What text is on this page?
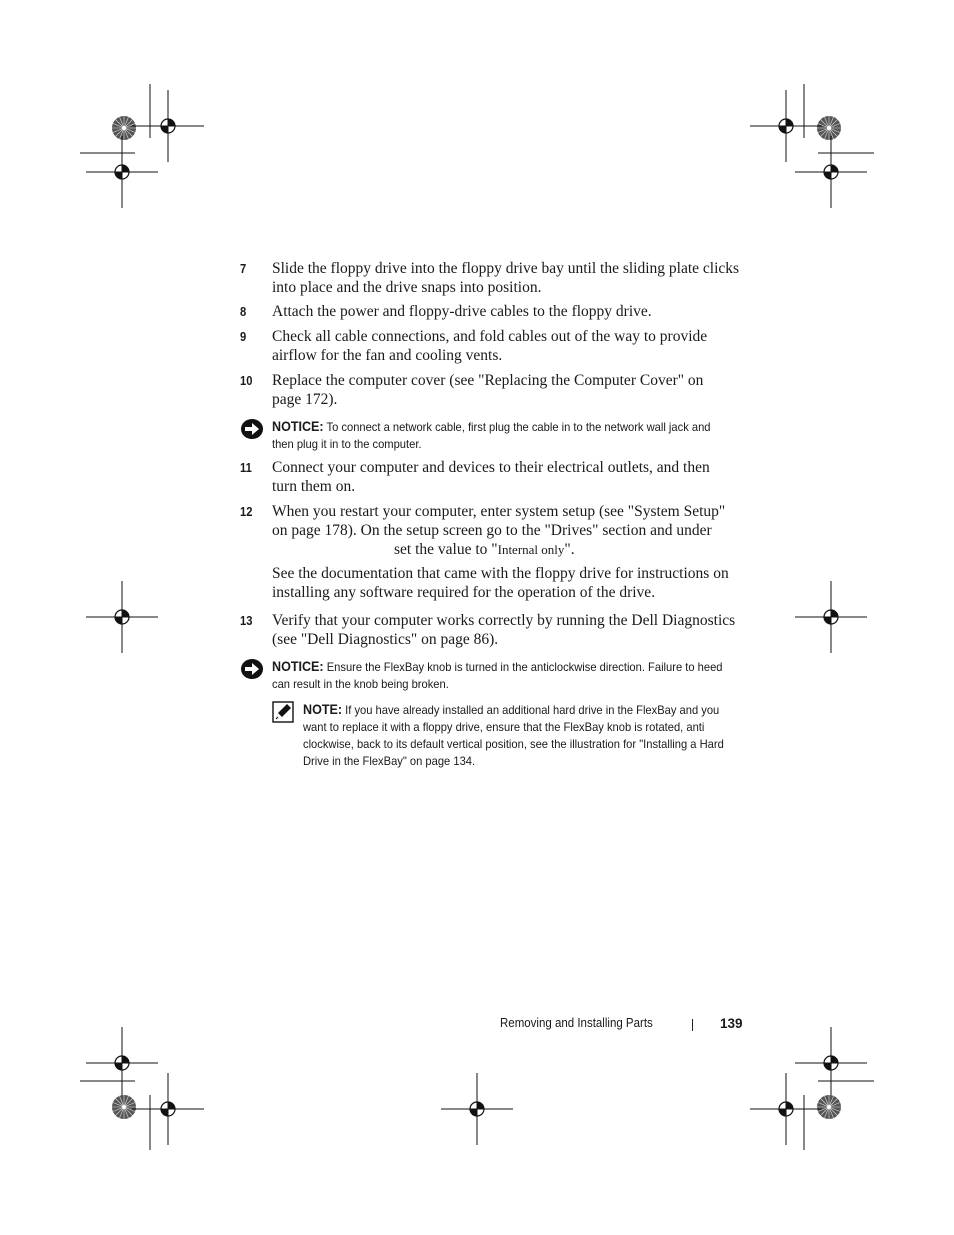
7	Slide the floppy drive into the floppy drive bay until the sliding plate clicks into place and the drive snaps into position.
8	Attach the power and floppy-drive cables to the floppy drive.
9	Check all cable connections, and fold cables out of the way to provide airflow for the fan and cooling vents.
10	Replace the computer cover (see "Replacing the Computer Cover" on page 172).
NOTICE: To connect a network cable, first plug the cable in to the network wall jack and then plug it in to the computer.
11	Connect your computer and devices to their electrical outlets, and then turn them on.
12	When you restart your computer, enter system setup (see "System Setup" on page 178). On the setup screen go to the "Drives" section and under
set the value to "Internal only".
See the documentation that came with the floppy drive for instructions on installing any software required for the operation of the drive.
13	Verify that your computer works correctly by running the Dell Diagnostics (see "Dell Diagnostics" on page 86).
NOTICE: Ensure the FlexBay knob is turned in the anticlockwise direction. Failure to heed can result in the knob being broken.
NOTE: If you have already installed an additional hard drive in the FlexBay and you want to replace it with a floppy drive, ensure that the FlexBay knob is rotated, anti clockwise, back to its default vertical position, see the illustration for "Installing a Hard Drive in the FlexBay" on page 134.
Removing and Installing Parts	139
